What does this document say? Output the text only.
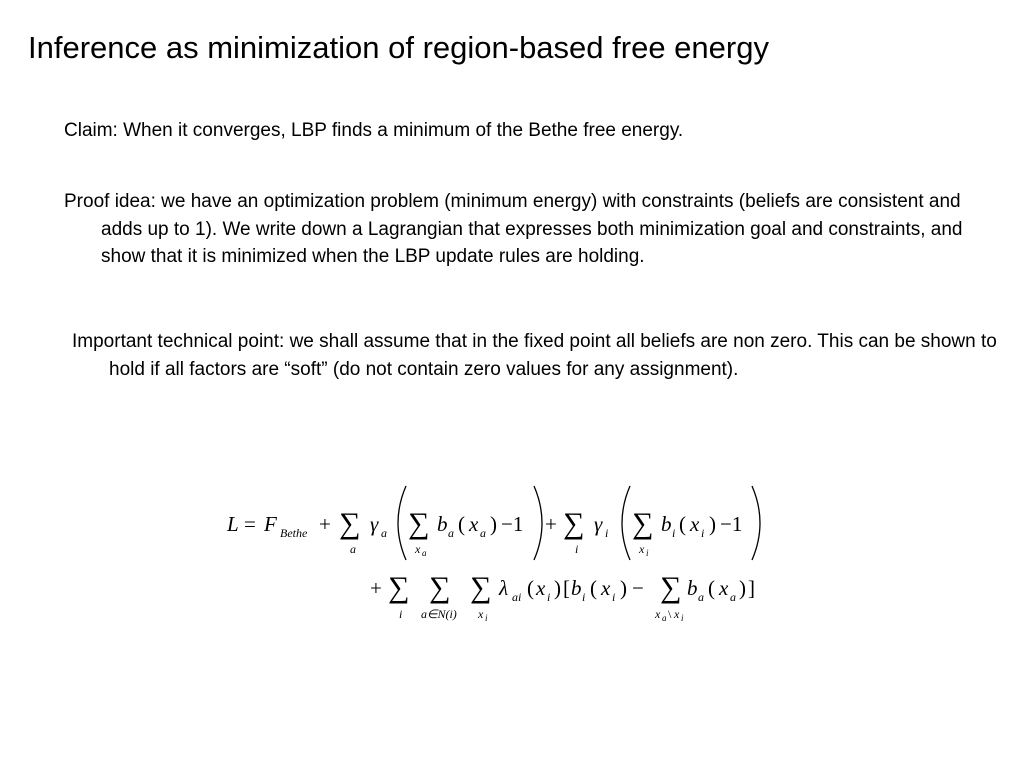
Inference as minimization of region-based free energy
Claim: When it converges, LBP finds a minimum of the Bethe free energy.
Proof idea: we have an optimization problem (minimum energy) with constraints (beliefs are consistent and adds up to 1). We write down a Lagrangian that expresses both minimization goal and constraints, and show that it is minimized when the LBP update rules are holding.
Important technical point: we shall assume that in the fixed point all beliefs are non zero. This can be shown to hold if all factors are “soft” (do not contain zero values for any assignment).
L = F Bethe + ∑
a
γ a ∑
x a
b a ( x a ) −1 + ∑
i
γ i ∑
x i
b i ( x i ) −1
+ ∑
i
∑
a∈N(i)
∑
x i
λ ai ( x i ) [ b i ( x i ) − ∑
x a \ x i
b a ( x a ) ]
